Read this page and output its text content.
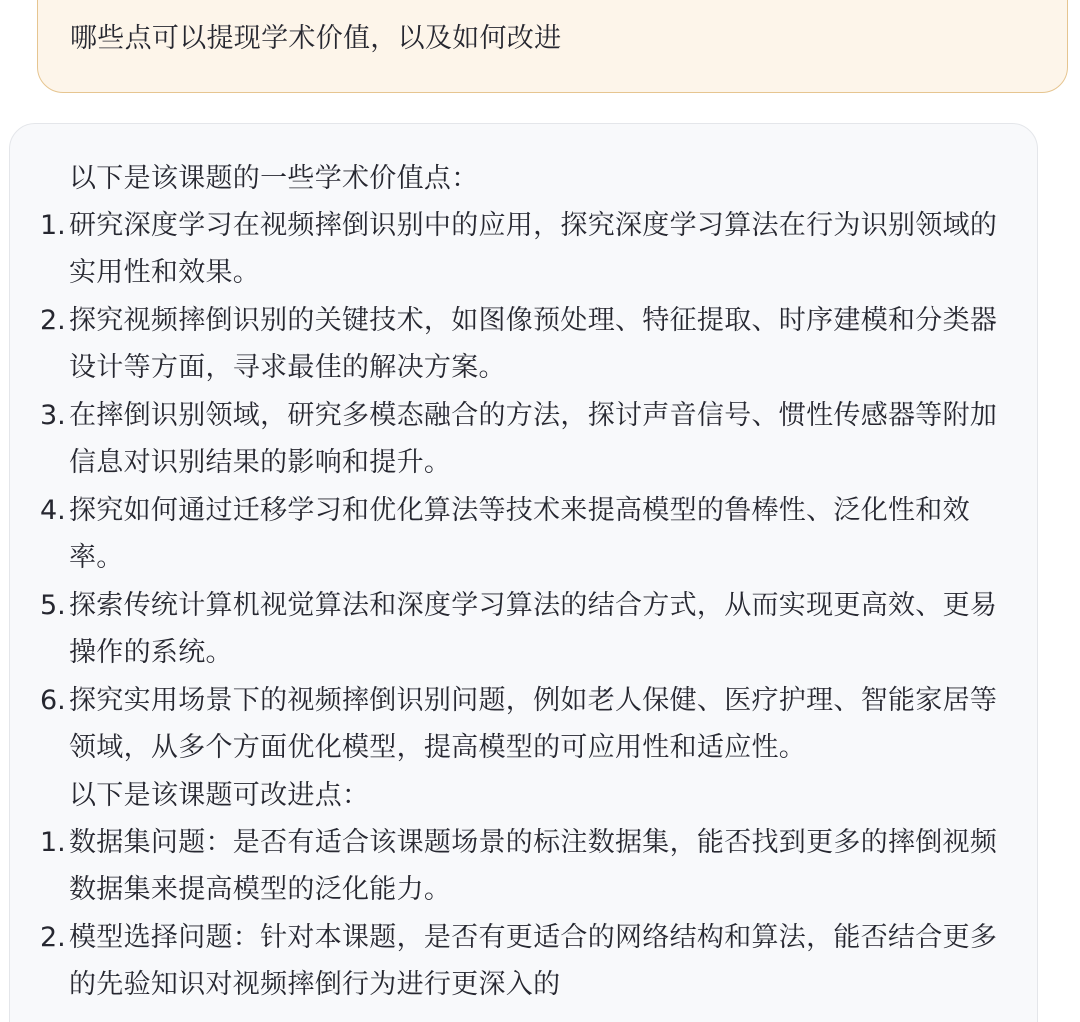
哪些点可以提现学术价值，以及如何改进
以下是该课题的一些学术价值点：
1. 研究深度学习在视频摔倒识别中的应用，探究深度学习算法在行为识别领域的实用性和效果。
2. 探究视频摔倒识别的关键技术，如图像预处理、特征提取、时序建模和分类器设计等方面，寻求最佳的解决方案。
3. 在摔倒识别领域，研究多模态融合的方法，探讨声音信号、惯性传感器等附加信息对识别结果的影响和提升。
4. 探究如何通过迁移学习和优化算法等技术来提高模型的鲁棒性、泛化性和效率。
5. 探索传统计算机视觉算法和深度学习算法的结合方式，从而实现更高效、更易操作的系统。
6. 探究实用场景下的视频摔倒识别问题，例如老人保健、医疗护理、智能家居等领域，从多个方面优化模型，提高模型的可应用性和适应性。
以下是该课题可改进点：
1. 数据集问题：是否有适合该课题场景的标注数据集，能否找到更多的摔倒视频数据集来提高模型的泛化能力。
2. 模型选择问题：针对本课题，是否有更适合的网络结构和算法，能否结合更多的先验知识对视频摔倒行为进行更深入的
